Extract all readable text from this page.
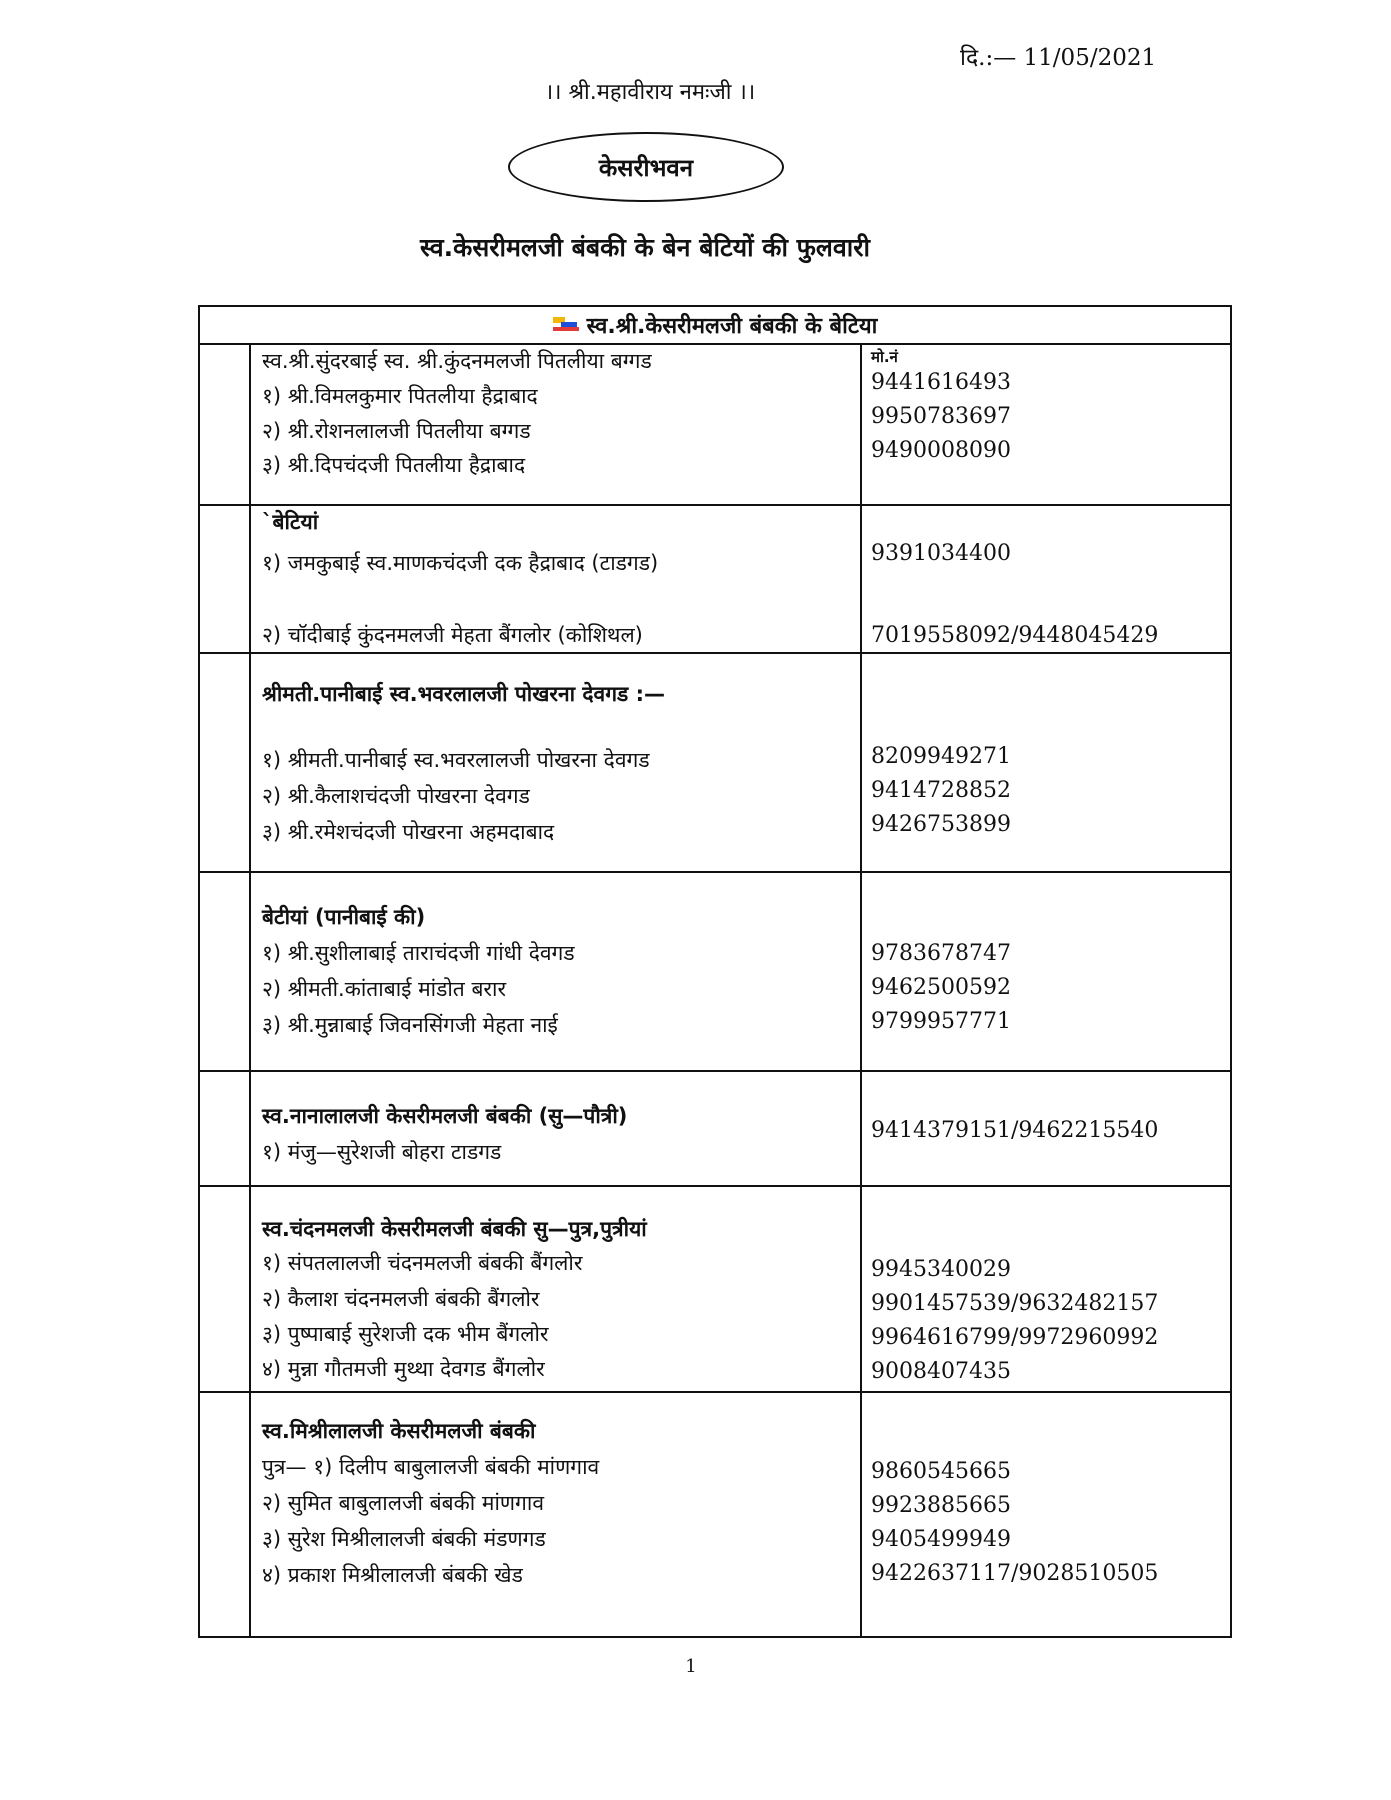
दि.:— 11/05/2021
।। श्री.महावीराय नमःजी ।।
केसरीभवन
स्व.केसरीमलजी बंबकी के बेन बेटियों की फुलवारी
स्व.श्री.केसरीमलजी बंबकी के बेटिया
स्व.श्री.सुंदरबाई स्व. श्री.कुंदनमलजी पितलीया बग्गड
१) श्री.विमलकुमार पितलीया हैद्राबाद
२) श्री.रोशनलालजी पितलीया बग्गड
३) श्री.दिपचंदजी पितलीया हैद्राबाद
मो.नं
9441616493
9950783697
9490008090
`बेटियां
१) जमकुबाई स्व.माणकचंदजी दक हैद्राबाद (टाडगड)
२) चॉदीबाई कुंदनमलजी मेहता बैंगलोर (कोशिथल)
9391034400
7019558092/9448045429
श्रीमती.पानीबाई स्व.भवरलालजी पोखरना देवगड :—
१) श्रीमती.पानीबाई स्व.भवरलालजी पोखरना देवगड
२) श्री.कैलाशचंदजी पोखरना देवगड
३) श्री.रमेशचंदजी पोखरना अहमदाबाद
8209949271
9414728852
9426753899
बेटीयां (पानीबाई की)
१) श्री.सुशीलाबाई ताराचंदजी गांधी देवगड
२) श्रीमती.कांताबाई मांडोत बरार
३) श्री.मुन्नाबाई जिवनसिंगजी मेहता नाई
9783678747
9462500592
9799957771
स्व.नानालालजी केसरीमलजी बंबकी (सु—पौत्री)
१) मंजु—सुरेशजी बोहरा टाडगड
9414379151/9462215540
स्व.चंदनमलजी केसरीमलजी बंबकी सु—पुत्र,पुत्रीयां
१) संपतलालजी चंदनमलजी बंबकी बैंगलोर
२) कैलाश चंदनमलजी बंबकी बैंगलोर
३) पुष्पाबाई सुरेशजी दक भीम बैंगलोर
४) मुन्ना गौतमजी मुथ्था देवगड बैंगलोर
9945340029
9901457539/9632482157
9964616799/9972960992
9008407435
स्व.मिश्रीलालजी केसरीमलजी बंबकी
पुत्र— १) दिलीप बाबुलालजी बंबकी मांणगाव
२) सुमित बाबुलालजी बंबकी मांणगाव
३) सुरेश मिश्रीलालजी बंबकी मंडणगड
४) प्रकाश मिश्रीलालजी बंबकी खेड
9860545665
9923885665
9405499949
9422637117/9028510505
1
